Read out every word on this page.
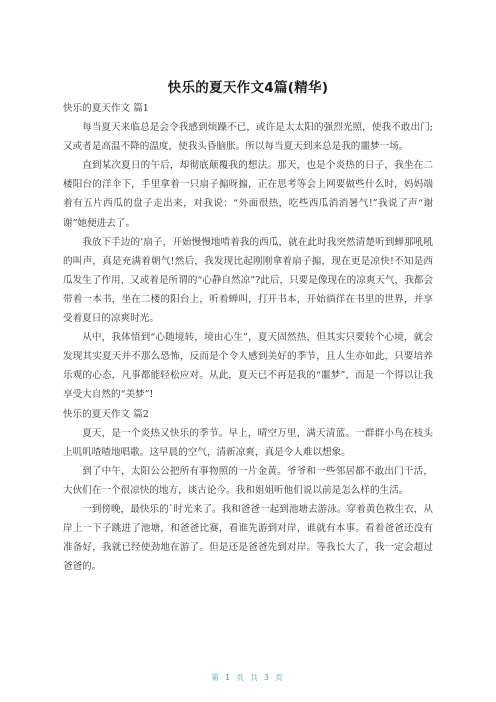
快乐的夏天作文4篇(精华)

快乐的夏天作文 篇1

每当夏天来临总是会令我感到烦躁不已，或许是太太阳的强烈光照，使我不敢出门;又或者是高温不降的温度，使我头昏脑胀。所以每当夏天到来总是我的噩梦一场。

直到某次夏日的午后，却彻底颠覆我的想法。那天，也是个炎热的日子，我坐在二楼阳台的洋伞下，手里拿着一只扇子搧呀搧，正在思考等会上网要做些什么时，妈妈端着有五片西瓜的盘子走出来，对我说：“外面很热，吃些西瓜消消暑气!”我说了声“谢谢”她便进去了。

我放下手边的’扇子，开始慢慢地啃着我的西瓜，就在此时我突然清楚听到蝉那吼吼的叫声，真是充满着朝气!然后，我发现比起刚刚拿着扇子搧，现在更是凉快!不知是西瓜发生了作用，又或着是所谓的“心静自然凉”?此后，只要是像现在的凉爽天气，我都会带着一本书，坐在二楼的阳台上，听着蝉叫，打开书本，开始徜徉在书里的世界，并享受着夏日的凉爽时光。

从中，我体悟到“心随境转，境由心生”，夏天固然热，但其实只要转个心境，就会发现其实夏天并不那么恐怖，反而是个令人感到美好的季节，且人生亦如此，只要培养乐观的心态，凡事都能轻松应对。从此，夏天已不再是我的“噩梦”，而是一个得以让我享受大自然的“美梦”!

快乐的夏天作文 篇2

夏天，是一个炎热又快乐的季节。早上，晴空万里，满天清蓝。一群群小鸟在枝头上叽叽喳喳地唱歌。这早晨的空气，清新凉爽，真是令人难以想象。

到了中午，太阳公公把所有事物照的一片金黄。爷爷和一些邻居都不敢出门干活，大伙们在一个很凉快的地方，谈古论今。我和姐姐听他们说以前是怎么样的生活。

一到傍晚，最快乐的`时光来了。我和爸爸一起到池塘去游泳。穿着黄色救生衣，从岸上一下子跳进了池塘，和爸爸比赛，看谁先游到对岸，谁就有本事。看着爸爸还没有准备好，我就已经使劲地在游了。但是还是爸爸先到对岸。等我长大了，我一定会超过爸爸的。

第 1 页 共 3 页
